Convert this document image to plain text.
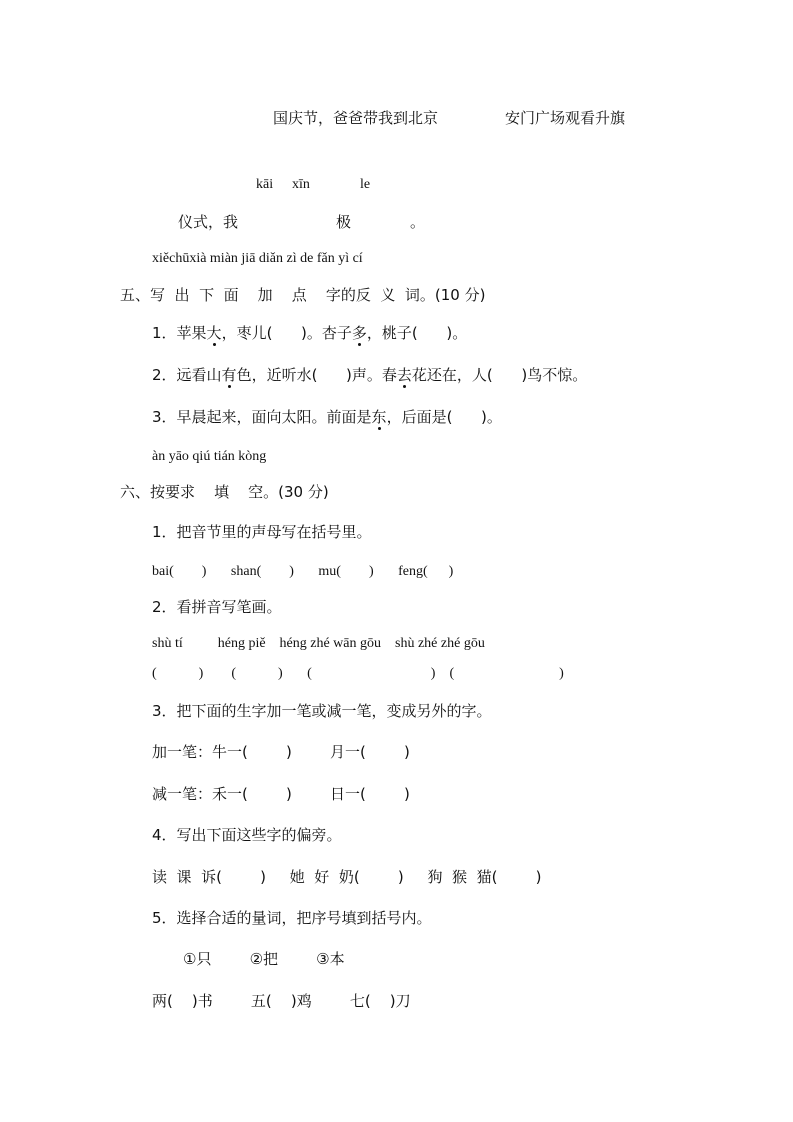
国庆节，爸爸带我到北京	安门广场观看升旗
kāi xīn	le
仪式，我	极	。
xiěchūxià miàn jiā diǎn zì de fǎn yì cí
五、写  出  下  面    加    点    字的反  义  词。(10 分)
1．苹果大，枣儿(      )。杏子多，桃子(      )。
2．远看山有色，近听水(      )声。春去花还在，人(      )鸟不惊。
3．早晨起来，面向太阳。前面是东，后面是(      )。
àn yāo qiú tián kòng
六、按要求    填    空。(30 分)
1．把音节里的声母写在括号里。
bai(        )       shan(        )       mu(        )       feng(      )
2．看拼音写笔画。
shù tí          héng piě    héng zhé wān gōu    shù zhé zhé gōu
(            )        (            )       (                                  )    (                              )
3．把下面的生字加一笔或减一笔，变成另外的字。
加一笔：牛一(        )        月一(        )
减一笔：禾一(        )        日一(        )
4．写出下面这些字的偏旁。
读  课  诉(        )     她  好  奶(        )     狗  猴  猫(        )
5．选择合适的量词，把序号填到括号内。
①只        ②把        ③本
两(    )书        五(    )鸡        七(    )刀
